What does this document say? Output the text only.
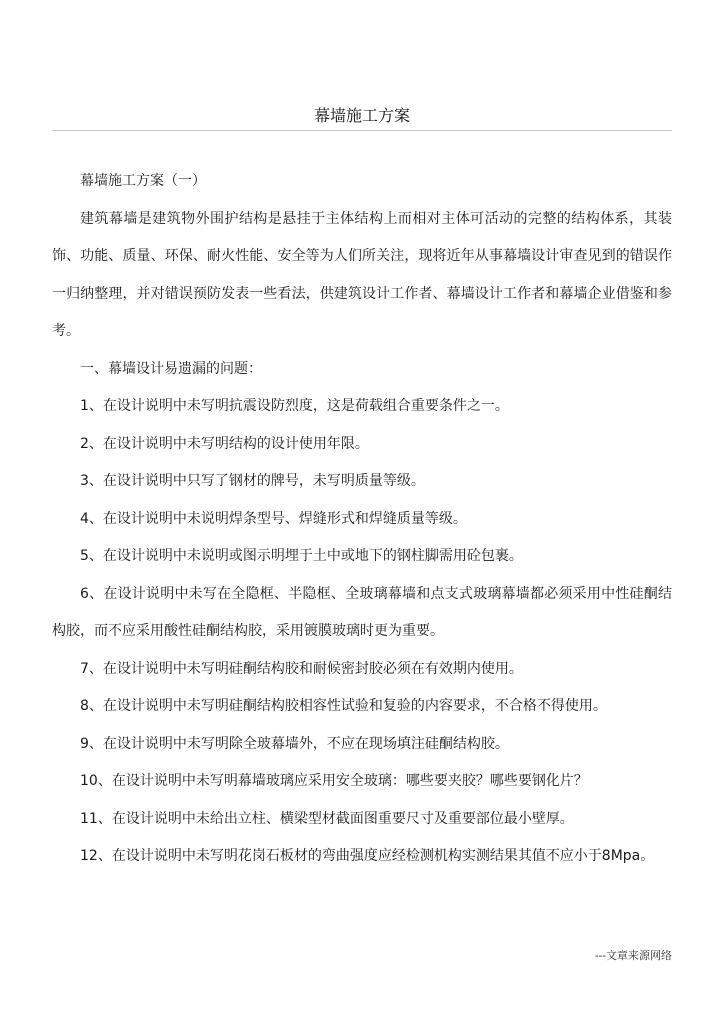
幕墙施工方案

幕墙施工方案（一）

建筑幕墙是建筑物外围护结构是悬挂于主体结构上而相对主体可活动的完整的结构体系，其装饰、功能、质量、环保、耐火性能、安全等为人们所关注，现将近年从事幕墙设计审查见到的错误作一归纳整理，并对错误预防发表一些看法，供建筑设计工作者、幕墙设计工作者和幕墙企业借鉴和参考。

一、幕墙设计易遗漏的问题：

1、在设计说明中未写明抗震设防烈度，这是荷载组合重要条件之一。

2、在设计说明中未写明结构的设计使用年限。

3、在设计说明中只写了钢材的牌号，未写明质量等级。

4、在设计说明中未说明焊条型号、焊缝形式和焊缝质量等级。

5、在设计说明中未说明或图示明埋于土中或地下的钢柱脚需用砼包裹。

6、在设计说明中未写在全隐框、半隐框、全玻璃幕墙和点支式玻璃幕墙都必须采用中性硅酮结构胶，而不应采用酸性硅酮结构胶，采用镀膜玻璃时更为重要。

7、在设计说明中未写明硅酮结构胶和耐候密封胶必须在有效期内使用。

8、在设计说明中未写明硅酮结构胶相容性试验和复验的内容要求，不合格不得使用。

9、在设计说明中未写明除全玻幕墙外，不应在现场填注硅酮结构胶。

10、在设计说明中未写明幕墙玻璃应采用安全玻璃：哪些要夹胶？哪些要钢化片？

11、在设计说明中未给出立柱、横梁型材截面图重要尺寸及重要部位最小壁厚。

12、在设计说明中未写明花岗石板材的弯曲强度应经检测机构实测结果其值不应小于8Mpa。

---文章来源网络
